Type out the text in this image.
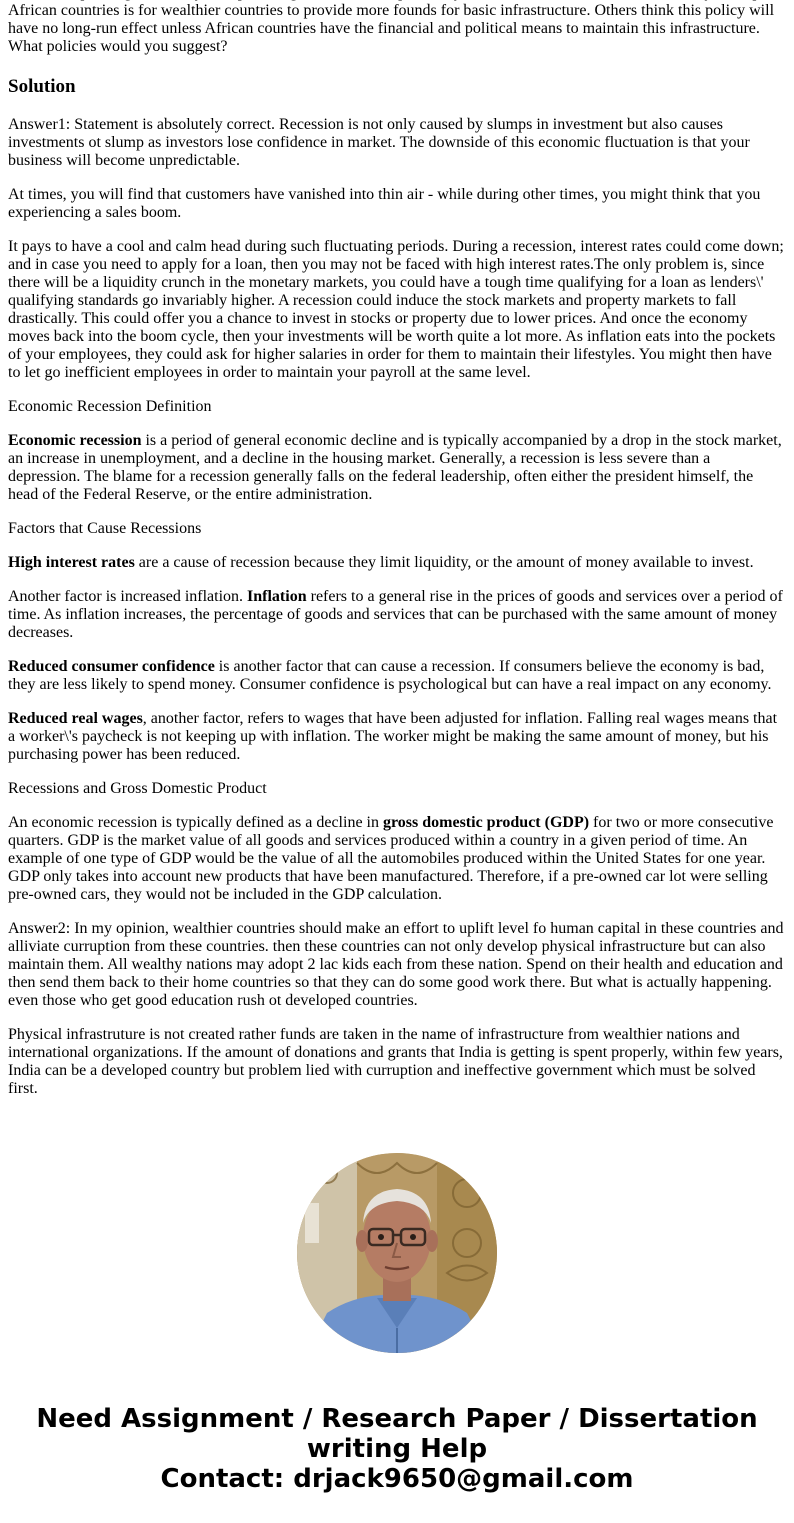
African countries is for wealthier countries to provide more founds for basic infrastructure. Others think this policy will have no long-run effect unless African countries have the financial and political means to maintain this infrastructure. What policies would you suggest?

Solution

Answer1: Statement is absolutely correct. Recession is not only caused by slumps in investment but also causes investments ot slump as investors lose confidence in market. The downside of this economic fluctuation is that your business will become unpredictable.

At times, you will find that customers have vanished into thin air - while during other times, you might think that you experiencing a sales boom.

It pays to have a cool and calm head during such fluctuating periods. During a recession, interest rates could come down; and in case you need to apply for a loan, then you may not be faced with high interest rates.The only problem is, since there will be a liquidity crunch in the monetary markets, you could have a tough time qualifying for a loan as lenders\' qualifying standards go invariably higher. A recession could induce the stock markets and property markets to fall drastically. This could offer you a chance to invest in stocks or property due to lower prices. And once the economy moves back into the boom cycle, then your investments will be worth quite a lot more. As inflation eats into the pockets of your employees, they could ask for higher salaries in order for them to maintain their lifestyles. You might then have to let go inefficient employees in order to maintain your payroll at the same level.

Economic Recession Definition

Economic recession is a period of general economic decline and is typically accompanied by a drop in the stock market, an increase in unemployment, and a decline in the housing market. Generally, a recession is less severe than a depression. The blame for a recession generally falls on the federal leadership, often either the president himself, the head of the Federal Reserve, or the entire administration.

Factors that Cause Recessions

High interest rates are a cause of recession because they limit liquidity, or the amount of money available to invest.

Another factor is increased inflation. Inflation refers to a general rise in the prices of goods and services over a period of time. As inflation increases, the percentage of goods and services that can be purchased with the same amount of money decreases.

Reduced consumer confidence is another factor that can cause a recession. If consumers believe the economy is bad, they are less likely to spend money. Consumer confidence is psychological but can have a real impact on any economy.

Reduced real wages, another factor, refers to wages that have been adjusted for inflation. Falling real wages means that a worker\'s paycheck is not keeping up with inflation. The worker might be making the same amount of money, but his purchasing power has been reduced.

Recessions and Gross Domestic Product

An economic recession is typically defined as a decline in gross domestic product (GDP) for two or more consecutive quarters. GDP is the market value of all goods and services produced within a country in a given period of time. An example of one type of GDP would be the value of all the automobiles produced within the United States for one year. GDP only takes into account new products that have been manufactured. Therefore, if a pre-owned car lot were selling pre-owned cars, they would not be included in the GDP calculation.

Answer2: In my opinion, wealthier countries should make an effort to uplift level fo human capital in these countries and alliviate curruption from these countries. then these countries can not only develop physical infrastructure but can also maintain them. All wealthy nations may adopt 2 lac kids each from these nation. Spend on their health and education and then send them back to their home countries so that they can do some good work there. But what is actually happening. even those who get good education rush ot developed countries.

Physical infrastruture is not created rather funds are taken in the name of infrastructure from wealthier nations and international organizations. If the amount of donations and grants that India is getting is spent properly, within few years, India can be a developed country but problem lied with curruption and ineffective government which must be solved first.

Need Assignment / Research Paper / Dissertation writing Help
Contact: drjack9650@gmail.com
